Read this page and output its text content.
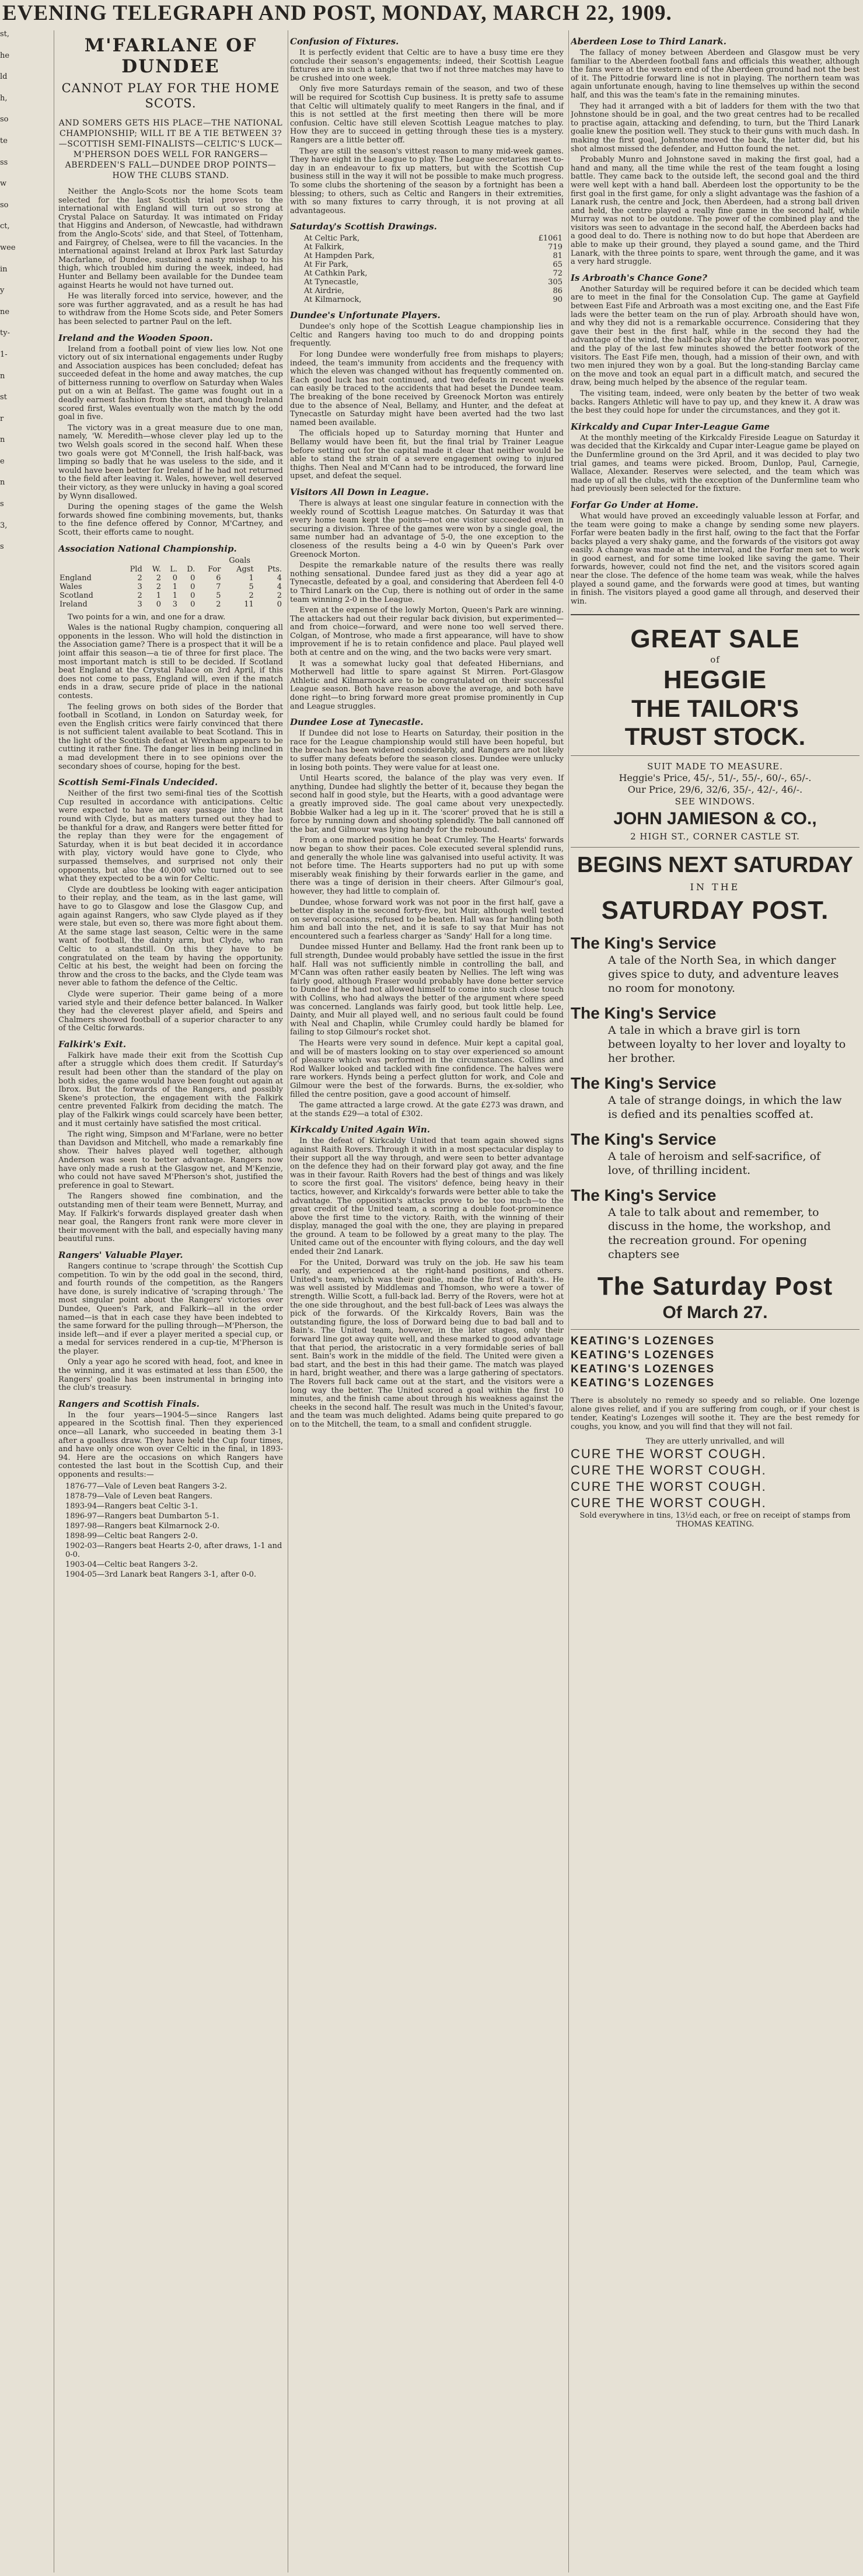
EVENING TELEGRAPH AND POST, MONDAY, MARCH 22, 1909.
st,
he
ld
h,
so
te
ss
w
so
ct,
wee
in
y
ne
ty-
1-
n
st
r
n
e
n
s
3,
s
M'FARLANE OF DUNDEE
CANNOT PLAY FOR THE HOME SCOTS.
AND SOMERS GETS HIS PLACE—THE NATIONAL CHAMPIONSHIP; WILL IT BE A TIE BETWEEN 3?—SCOTTISH SEMI-FINALISTS—CELTIC'S LUCK—M'PHERSON DOES WELL FOR RANGERS—ABERDEEN'S FALL—DUNDEE DROP POINTS—HOW THE CLUBS STAND.

Neither the Anglo-Scots nor the home Scots team selected for the last Scottish trial proves to the international with England will turn out so strong at Crystal Palace on Saturday. It was intimated on Friday that Higgins and Anderson, of Newcastle, had withdrawn from the Anglo-Scots' side, and that Steel, of Tottenham, and Fairgrey, of Chelsea, were to fill the vacancies. In the international against Ireland at Ibrox Park last Saturday Macfarlane, of Dundee, sustained a nasty mishap to his thigh, which troubled him during the week, indeed, had Hunter and Bellamy been available for the Dundee team against Hearts he would not have turned out.

He was literally forced into service, however, and the sore was further aggravated, and as a result he has had to withdraw from the Home Scots side, and Peter Somers has been selected to partner Paul on the left.

Ireland and the Wooden Spoon.

Ireland from a football point of view lies low. Not one victory out of six international engagements under Rugby and Association auspices has been concluded; defeat has succeeded defeat in the home and away matches, the cup of bitterness running to overflow on Saturday when Wales put on a win at Belfast. The game was fought out in a deadly earnest fashion from the start, and though Ireland scored first, Wales eventually won the match by the odd goal in five.

The victory was in a great measure due to one man, namely, 'W. Meredith—whose clever play led up to the two Welsh goals scored in the second half. When these two goals were got M'Connell, the Irish half-back, was limping so badly that he was useless to the side, and it would have been better for Ireland if he had not returned to the field after leaving it. Wales, however, well deserved their victory, as they were unlucky in having a goal scored by Wynn disallowed.

During the opening stages of the game the Welsh forwards showed fine combining movements, but, thanks to the fine defence offered by Connor, M'Cartney, and Scott, their efforts came to nought.

Association National Championship.
					Goals		
	Pld	W.	L.	D.	For	Agst	Pts.
England	2	2	0	0	6	1	4
Wales	3	2	1	0	7	5	4
Scotland	2	1	1	0	5	2	2
Ireland	3	0	3	0	2	11	0

Two points for a win, and one for a draw.

Wales is the national Rugby champion, conquering all opponents in the lesson. Who will hold the distinction in the Association game? There is a prospect that it will be a joint affair this season—a tie of three for first place. The most important match is still to be decided. If Scotland beat England at the Crystal Palace on 3rd April, if this does not come to pass, England will, even if the match ends in a draw, secure pride of place in the national contests.

The feeling grows on both sides of the Border that football in Scotland, in London on Saturday week, for even the English critics were fairly convinced that there is not sufficient talent available to beat Scotland. This in the light of the Scottish defeat at Wrexham appears to be cutting it rather fine. The danger lies in being inclined in a mad development there in to see opinions over the secondary shoes of course, hoping for the best.

Scottish Semi-Finals Undecided.

Neither of the first two semi-final ties of the Scottish Cup resulted in accordance with anticipations. Celtic were expected to have an easy passage into the last round with Clyde, but as matters turned out they had to be thankful for a draw, and Rangers were better fitted for the replay than they were for the engagement of Saturday, when it is but beat decided it in accordance with play, victory would have gone to Clyde, who surpassed themselves, and surprised not only their opponents, but also the 40,000 who turned out to see what they expected to be a win for Celtic.

Clyde are doubtless be looking with eager anticipation to their replay, and the team, as in the last game, will have to go to Glasgow and lose the Glasgow Cup, and again against Rangers, who saw Clyde played as if they were stale, but even so, there was more fight about them. At the same stage last season, Celtic were in the same want of football, the dainty arm, but Clyde, who ran Celtic to a standstill. On this they have to be congratulated on the team by having the opportunity. Celtic at his best, the weight had been on forcing the throw and the cross to the backs, and the Clyde team was never able to fathom the defence of the Celtic.

Clyde were superior. Their game being of a more varied style and their defence better balanced. In Walker they had the cleverest player afield, and Speirs and Chalmers showed football of a superior character to any of the Celtic forwards.

Falkirk's Exit.

Falkirk have made their exit from the Scottish Cup after a struggle which does them credit. If Saturday's result had been other than the standard of the play on both sides, the game would have been fought out again at Ibrox. But the forwards of the Rangers, and possibly Skene's protection, the engagement with the Falkirk centre prevented Falkirk from deciding the match. The play of the Falkirk wings could scarcely have been better, and it must certainly have satisfied the most critical.

The right wing, Simpson and M'Farlane, were no better than Davidson and Mitchell, who made a remarkably fine show. Their halves played well together, although Anderson was seen to better advantage. Rangers now have only made a rush at the Glasgow net, and M'Kenzie, who could not have saved M'Pherson's shot, justified the preference in goal to Stewart.

The Rangers showed fine combination, and the outstanding men of their team were Bennett, Murray, and May. If Falkirk's forwards displayed greater dash when near goal, the Rangers front rank were more clever in their movement with the ball, and especially having many beautiful runs.

Rangers' Valuable Player.

Rangers continue to 'scrape through' the Scottish Cup competition. To win by the odd goal in the second, third, and fourth rounds of the competition, as the Rangers have done, is surely indicative of 'scraping through.' The most singular point about the Rangers' victories over Dundee, Queen's Park, and Falkirk—all in the order named—is that in each case they have been indebted to the same forward for the pulling through—M'Pherson, the inside left—and if ever a player merited a special cup, or a medal for services rendered in a cup-tie, M'Pherson is the player.

Only a year ago he scored with head, foot, and knee in the winning, and it was estimated at less than £500, the Rangers' goalie has been instrumental in bringing into the club's treasury.

Rangers and Scottish Finals.

In the four years—1904-5—since Rangers last appeared in the Scottish final. Then they experienced once—all Lanark, who succeeded in beating them 3-1 after a goalless draw. They have held the Cup four times, and have only once won over Celtic in the final, in 1893-94. Here are the occasions on which Rangers have contested the last bout in the Scottish Cup, and their opponents and results:—

1876-77—Vale of Leven beat Rangers 3-2.
1878-79—Vale of Leven beat Rangers.
1893-94—Rangers beat Celtic 3-1.
1896-97—Rangers beat Dumbarton 5-1.
1897-98—Rangers beat Kilmarnock 2-0.
1898-99—Celtic beat Rangers 2-0.
1902-03—Rangers beat Hearts 2-0, after draws, 1-1 and 0-0.
1903-04—Celtic beat Rangers 3-2.
1904-05—3rd Lanark beat Rangers 3-1, after 0-0.
Confusion of Fixtures.

It is perfectly evident that Celtic are to have a busy time ere they conclude their season's engagements; indeed, their Scottish League fixtures are in such a tangle that two if not three matches may have to be crushed into one week.

Only five more Saturdays remain of the season, and two of these will be required for Scottish Cup business. It is pretty safe to assume that Celtic will ultimately qualify to meet Rangers in the final, and if this is not settled at the first meeting then there will be more confusion. Celtic have still eleven Scottish League matches to play. How they are to succeed in getting through these ties is a mystery. Rangers are a little better off.

They are still the season's vittest reason to many mid-week games. They have eight in the League to play. The League secretaries meet to-day in an endeavour to fix up matters, but with the Scottish Cup business still in the way it will not be possible to make much progress. To some clubs the shortening of the season by a fortnight has been a blessing; to others, such as Celtic and Rangers in their extremities, with so many fixtures to carry through, it is not proving at all advantageous.

Saturday's Scottish Drawings.
At Celtic Park,	£1061
At Falkirk,	719
At Hampden Park,	81
At Fir Park,	65
At Cathkin Park,	72
At Tynecastle,	305
At Airdrie,	86
At Kilmarnock,	90
Dundee's Unfortunate Players.

Dundee's only hope of the Scottish League championship lies in Celtic and Rangers having too much to do and dropping points frequently.

For long Dundee were wonderfully free from mishaps to players; indeed, the team's immunity from accidents and the frequency with which the eleven was changed without has frequently commented on. Each good luck has not continued, and two defeats in recent weeks can easily be traced to the accidents that had beset the Dundee team. The breaking of the bone received by Greenock Morton was entirely due to the absence of Neal, Bellamy, and Hunter, and the defeat at Tynecastle on Saturday might have been averted had the two last named been available.

The officials hoped up to Saturday morning that Hunter and Bellamy would have been fit, but the final trial by Trainer League before setting out for the capital made it clear that neither would be able to stand the strain of a severe engagement owing to injured thighs. Then Neal and M'Cann had to be introduced, the forward line upset, and defeat the sequel.

Visitors All Down in League.

There is always at least one singular feature in connection with the weekly round of Scottish League matches. On Saturday it was that every home team kept the points—not one visitor succeeded even in securing a division. Three of the games were won by a single goal, the same number had an advantage of 5-0, the one exception to the closeness of the results being a 4-0 win by Queen's Park over Greenock Morton.

Despite the remarkable nature of the results there was really nothing sensational. Dundee fared just as they did a year ago at Tynecastle, defeated by a goal, and considering that Aberdeen fell 4-0 to Third Lanark on the Cup, there is nothing out of order in the same team winning 2-0 in the League.

Even at the expense of the lowly Morton, Queen's Park are winning. The attackers had out their regular back division, but experimented—and from choice—forward, and were none too well served there. Colgan, of Montrose, who made a first appearance, will have to show improvement if he is to retain confidence and place. Paul played well both at centre and on the wing, and the two backs were very smart.

It was a somewhat lucky goal that defeated Hibernians, and Motherwell had little to spare against St Mirren. Port-Glasgow Athletic and Kilmarnock are to be congratulated on their successful League season. Both have reason above the average, and both have done right—to bring forward more great promise prominently in Cup and League struggles.

Dundee Lose at Tynecastle.

If Dundee did not lose to Hearts on Saturday, their position in the race for the League championship would still have been hopeful, but the breach has been widened considerably, and Rangers are not likely to suffer many defeats before the season closes. Dundee were unlucky in losing both points. They were value for at least one.

Until Hearts scored, the balance of the play was very even. If anything, Dundee had slightly the better of it, because they began the second half in good style, but the Hearts, with a good advantage were a greatly improved side. The goal came about very unexpectedly. Bobbie Walker had a leg up in it. The 'scorer' proved that he is still a force by running down and shooting splendidly. The ball cannoned off the bar, and Gilmour was lying handy for the rebound.

From a one marked position he beat Crumley. The Hearts' forwards now began to show their paces. Cole executed several splendid runs, and generally the whole line was galvanised into useful activity. It was not before time. The Hearts supporters had no put up with some miserably weak finishing by their forwards earlier in the game, and there was a tinge of derision in their cheers. After Gilmour's goal, however, they had little to complain of.

Dundee, whose forward work was not poor in the first half, gave a better display in the second forty-five, but Muir, although well tested on several occasions, refused to be beaten. Hall was far handling both him and ball into the net, and it is safe to say that Muir has not encountered such a fearless charger as 'Sandy' Hall for a long time.

Dundee missed Hunter and Bellamy. Had the front rank been up to full strength, Dundee would probably have settled the issue in the first half. Hall was not sufficiently nimble in controlling the ball, and M'Cann was often rather easily beaten by Nellies. The left wing was fairly good, although Fraser would probably have done better service to Dundee if he had not allowed himself to come into such close touch with Collins, who had always the better of the argument where speed was concerned. Langlands was fairly good, but took little help. Lee, Dainty, and Muir all played well, and no serious fault could be found with Neal and Chaplin, while Crumley could hardly be blamed for failing to stop Gilmour's rocket shot.

The Hearts were very sound in defence. Muir kept a capital goal, and will be of masters looking on to stay over experienced so amount of pleasure which was performed in the circumstances. Collins and Rod Walker looked and tackled with fine confidence. The halves were rare workers. Hynds being a perfect glutton for work, and Cole and Gilmour were the best of the forwards. Burns, the ex-soldier, who filled the centre position, gave a good account of himself.

The game attracted a large crowd. At the gate £273 was drawn, and at the stands £29—a total of £302.

Kirkcaldy United Again Win.

In the defeat of Kirkcaldy United that team again showed signs against Raith Rovers. Through it with in a most spectacular display to their support all the way through, and were seen to better advantage on the defence they had on their forward play got away, and the fine was in their favour. Raith Rovers had the best of things and was likely to score the first goal. The visitors' defence, being heavy in their tactics, however, and Kirkcaldy's forwards were better able to take the advantage. The opposition's attacks prove to be too much—to the great credit of the United team, a scoring a double foot-prominence above the first time to the victory. Raith, with the winning of their display, managed the goal with the one, they are playing in prepared the ground. A team to be followed by a great many to the play. The United came out of the encounter with flying colours, and the day well ended their 2nd Lanark.

For the United, Dorward was truly on the job. He saw his team early, and experienced at the right-hand positions, and others. United's team, which was their goalie, made the first of Raith's.. He was well assisted by Middlemas and Thomson, who were a tower of strength. Willie Scott, a full-back lad. Berry of the Rovers, were hot at the one side throughout, and the best full-back of Lees was always the pick of the forwards. Of the Kirkcaldy Rovers, Bain was the outstanding figure, the loss of Dorward being due to bad ball and to Bain's. The United team, however, in the later stages, only their forward line got away quite well, and these marked to good advantage that that period, the aristocratic in a very formidable series of ball sent. Bain's work in the middle of the field. The United were given a bad start, and the best in this had their game. The match was played in hard, bright weather, and there was a large gathering of spectators. The Rovers full back came out at the start, and the visitors were a long way the better. The United scored a goal within the first 10 minutes, and the finish came about through his weakness against the cheeks in the second half. The result was much in the United's favour, and the team was much delighted. Adams being quite prepared to go on to the Mitchell, the team, to a small and confident struggle.

Aberdeen Lose to Third Lanark.

The fallacy of money between Aberdeen and Glasgow must be very familiar to the Aberdeen football fans and officials this weather, although the fans were at the western end of the Aberdeen ground had not the best of it. The Pittodrie forward line is not in playing. The northern team was again unfortunate enough, having to line themselves up within the second half, and this was the team's fate in the remaining minutes.

They had it arranged with a bit of ladders for them with the two that Johnstone should be in goal, and the two great centres had to be recalled to practise again, attacking and defending, to turn, but the Third Lanark goalie knew the position well. They stuck to their guns with much dash. In making the first goal, Johnstone moved the back, the latter did, but his shot almost missed the defender, and Hutton found the net.

Probably Munro and Johnstone saved in making the first goal, had a hand and many, all the time while the rest of the team fought a losing battle. They came back to the outside left, the second goal and the third were well kept with a hand ball. Aberdeen lost the opportunity to be the first goal in the first game, for only a slight advantage was the fashion of a Lanark rush, the centre and Jock, then Aberdeen, had a strong ball driven and held, the centre played a really fine game in the second half, while Murray was not to be outdone. The power of the combined play and the visitors was seen to advantage in the second half, the Aberdeen backs had a good deal to do. There is nothing now to do but hope that Aberdeen are able to make up their ground, they played a sound game, and the Third Lanark, with the three points to spare, went through the game, and it was a very hard struggle.

Is Arbroath's Chance Gone?

Another Saturday will be required before it can be decided which team are to meet in the final for the Consolation Cup. The game at Gayfield between East Fife and Arbroath was a most exciting one, and the East Fife lads were the better team on the run of play. Arbroath should have won, and why they did not is a remarkable occurrence. Considering that they gave their best in the first half, while in the second they had the advantage of the wind, the half-back play of the Arbroath men was poorer, and the play of the last few minutes showed the better footwork of the visitors. The East Fife men, though, had a mission of their own, and with two men injured they won by a goal. But the long-standing Barclay came on the move and took an equal part in a difficult match, and secured the draw, being much helped by the absence of the regular team.

The visiting team, indeed, were only beaten by the better of two weak backs. Rangers Athletic will have to pay up, and they knew it. A draw was the best they could hope for under the circumstances, and they got it.

Kirkcaldy and Cupar Inter-League Game

At the monthly meeting of the Kirkcaldy Fireside League on Saturday it was decided that the Kirkcaldy and Cupar inter-League game be played on the Dunfermline ground on the 3rd April, and it was decided to play two trial games, and teams were picked. Broom, Dunlop, Paul, Carnegie, Wallace, Alexander. Reserves were selected, and the team which was made up of all the clubs, with the exception of the Dunfermline team who had previously been selected for the fixture.

Forfar Go Under at Home.

What would have proved an exceedingly valuable lesson at Forfar, and the team were going to make a change by sending some new players. Forfar were beaten badly in the first half, owing to the fact that the Forfar backs played a very shaky game, and the forwards of the visitors got away easily. A change was made at the interval, and the Forfar men set to work in good earnest, and for some time looked like saving the game. Their forwards, however, could not find the net, and the visitors scored again near the close. The defence of the home team was weak, while the halves played a sound game, and the forwards were good at times, but wanting in finish. The visitors played a good game all through, and deserved their win.

GREAT SALE
of
HEGGIE
THE TAILOR'S
TRUST STOCK.
SUIT MADE TO MEASURE.
Heggie's Price, 45/-, 51/-, 55/-, 60/-, 65/-.
Our Price, 29/6, 32/6, 35/-, 42/-, 46/-.
SEE WINDOWS.
JOHN JAMIESON & CO.,
2 HIGH ST., CORNER CASTLE ST.
BEGINS NEXT SATURDAY
IN THE
SATURDAY POST.
The King's Service
A tale of the North Sea, in which danger gives spice to duty, and adventure leaves no room for monotony.
The King's Service
A tale in which a brave girl is torn between loyalty to her lover and loyalty to her brother.
The King's Service
A tale of strange doings, in which the law is defied and its penalties scoffed at.
The King's Service
A tale of heroism and self-sacrifice, of love, of thrilling incident.
The King's Service
A tale to talk about and remember, to discuss in the home, the workshop, and the recreation ground. For opening chapters see
The Saturday Post
Of March 27.
KEATING'S LOZENGES
KEATING'S LOZENGES
KEATING'S LOZENGES
KEATING'S LOZENGES
There is absolutely no remedy so speedy and so reliable. One lozenge alone gives relief, and if you are suffering from cough, or if your chest is tender, Keating's Lozenges will soothe it. They are the best remedy for coughs, you know, and you will find that they will not fail.
They are utterly unrivalled, and will
CURE THE WORST COUGH.
CURE THE WORST COUGH.
CURE THE WORST COUGH.
CURE THE WORST COUGH.
Sold everywhere in tins, 13½d each, or free on receipt of stamps from THOMAS KEATING.
